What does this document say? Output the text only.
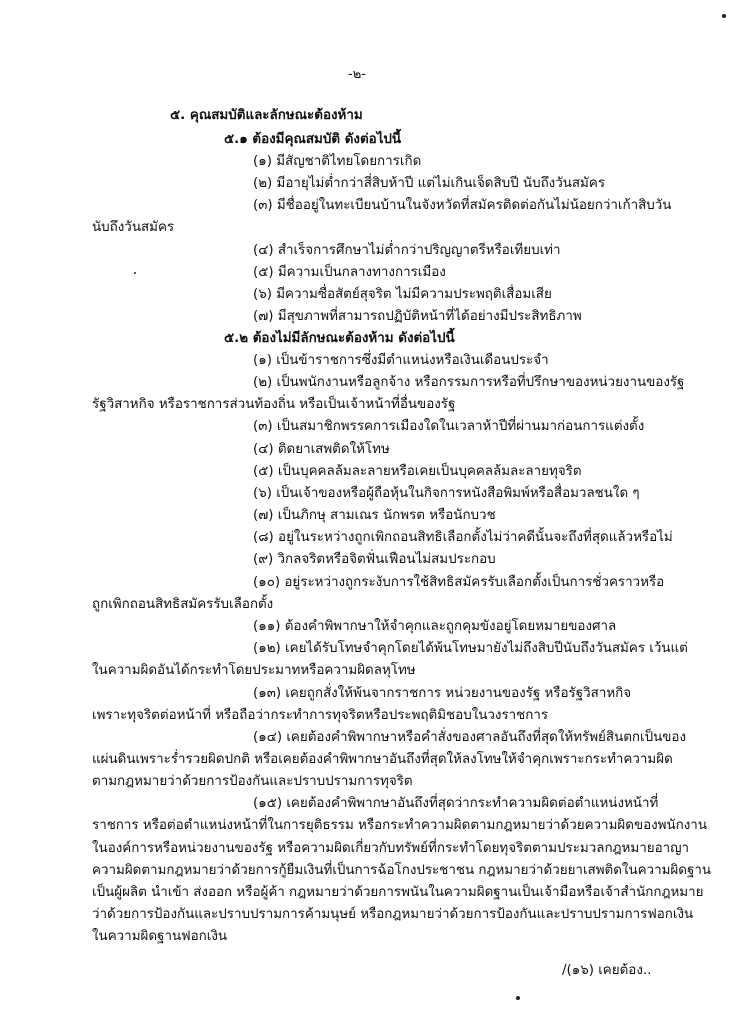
-๒-
๕. คุณสมบัติและลักษณะต้องห้าม
๕.๑ ต้องมีคุณสมบัติ ดังต่อไปนี้
(๑) มีสัญชาติไทยโดยการเกิด
(๒) มีอายุไม่ต่ำกว่าสี่สิบห้าปี แต่ไม่เกินเจ็ดสิบปี นับถึงวันสมัคร
(๓) มีชื่ออยู่ในทะเบียนบ้านในจังหวัดที่สมัครติดต่อกันไม่น้อยกว่าเก้าสิบวัน
นับถึงวันสมัคร
(๔) สำเร็จการศึกษาไม่ต่ำกว่าปริญญาตรีหรือเทียบเท่า
(๕) มีความเป็นกลางทางการเมือง
(๖) มีความซื่อสัตย์สุจริต ไม่มีความประพฤติเสื่อมเสีย
(๗) มีสุขภาพที่สามารถปฏิบัติหน้าที่ได้อย่างมีประสิทธิภาพ
๕.๒ ต้องไม่มีลักษณะต้องห้าม ดังต่อไปนี้
(๑) เป็นข้าราชการซึ่งมีตำแหน่งหรือเงินเดือนประจำ
(๒) เป็นพนักงานหรือลูกจ้าง หรือกรรมการหรือที่ปรึกษาของหน่วยงานของรัฐ
รัฐวิสาหกิจ หรือราชการส่วนท้องถิ่น หรือเป็นเจ้าหน้าที่อื่นของรัฐ
(๓) เป็นสมาชิกพรรคการเมืองใดในเวลาห้าปีที่ผ่านมาก่อนการแต่งตั้ง
(๔) ติดยาเสพติดให้โทษ
(๕) เป็นบุคคลล้มละลายหรือเคยเป็นบุคคลล้มละลายทุจริต
(๖) เป็นเจ้าของหรือผู้ถือหุ้นในกิจการหนังสือพิมพ์หรือสื่อมวลชนใด ๆ
(๗) เป็นภิกษุ สามเณร นักพรต หรือนักบวช
(๘) อยู่ในระหว่างถูกเพิกถอนสิทธิเลือกตั้งไม่ว่าคดีนั้นจะถึงที่สุดแล้วหรือไม่
(๙) วิกลจริตหรือจิตฟั่นเฟือนไม่สมประกอบ
(๑๐) อยู่ระหว่างถูกระงับการใช้สิทธิสมัครรับเลือกตั้งเป็นการชั่วคราวหรือ
ถูกเพิกถอนสิทธิสมัครรับเลือกตั้ง
(๑๑) ต้องคำพิพากษาให้จำคุกและถูกคุมขังอยู่โดยหมายของศาล
(๑๒) เคยได้รับโทษจำคุกโดยได้พ้นโทษมายังไม่ถึงสิบปีนับถึงวันสมัคร เว้นแต่
ในความผิดอันได้กระทำโดยประมาทหรือความผิดลหุโทษ
(๑๓) เคยถูกสั่งให้พ้นจากราชการ หน่วยงานของรัฐ หรือรัฐวิสาหกิจ
เพราะทุจริตต่อหน้าที่ หรือถือว่ากระทำการทุจริตหรือประพฤติมิชอบในวงราชการ
(๑๔) เคยต้องคำพิพากษาหรือคำสั่งของศาลอันถึงที่สุดให้ทรัพย์สินตกเป็นของ
แผ่นดินเพราะร่ำรวยผิดปกติ หรือเคยต้องคำพิพากษาอันถึงที่สุดให้ลงโทษให้จำคุกเพราะกระทำความผิด
ตามกฎหมายว่าด้วยการป้องกันและปราบปรามการทุจริต
(๑๕) เคยต้องคำพิพากษาอันถึงที่สุดว่ากระทำความผิดต่อตำแหน่งหน้าที่
ราชการ หรือต่อตำแหน่งหน้าที่ในการยุติธรรม หรือกระทำความผิดตามกฎหมายว่าด้วยความผิดของพนักงาน
ในองค์การหรือหน่วยงานของรัฐ หรือความผิดเกี่ยวกับทรัพย์ที่กระทำโดยทุจริตตามประมวลกฎหมายอาญา
ความผิดตามกฎหมายว่าด้วยการกู้ยืมเงินที่เป็นการฉ้อโกงประชาชน กฎหมายว่าด้วยยาเสพติดในความผิดฐาน
เป็นผู้ผลิต นำเข้า ส่งออก หรือผู้ค้า กฎหมายว่าด้วยการพนันในความผิดฐานเป็นเจ้ามือหรือเจ้าสำนักกฎหมาย
ว่าด้วยการป้องกันและปราบปรามการค้ามนุษย์ หรือกฎหมายว่าด้วยการป้องกันและปราบปรามการฟอกเงิน
ในความผิดฐานฟอกเงิน
/(๑๖) เคยต้อง..
